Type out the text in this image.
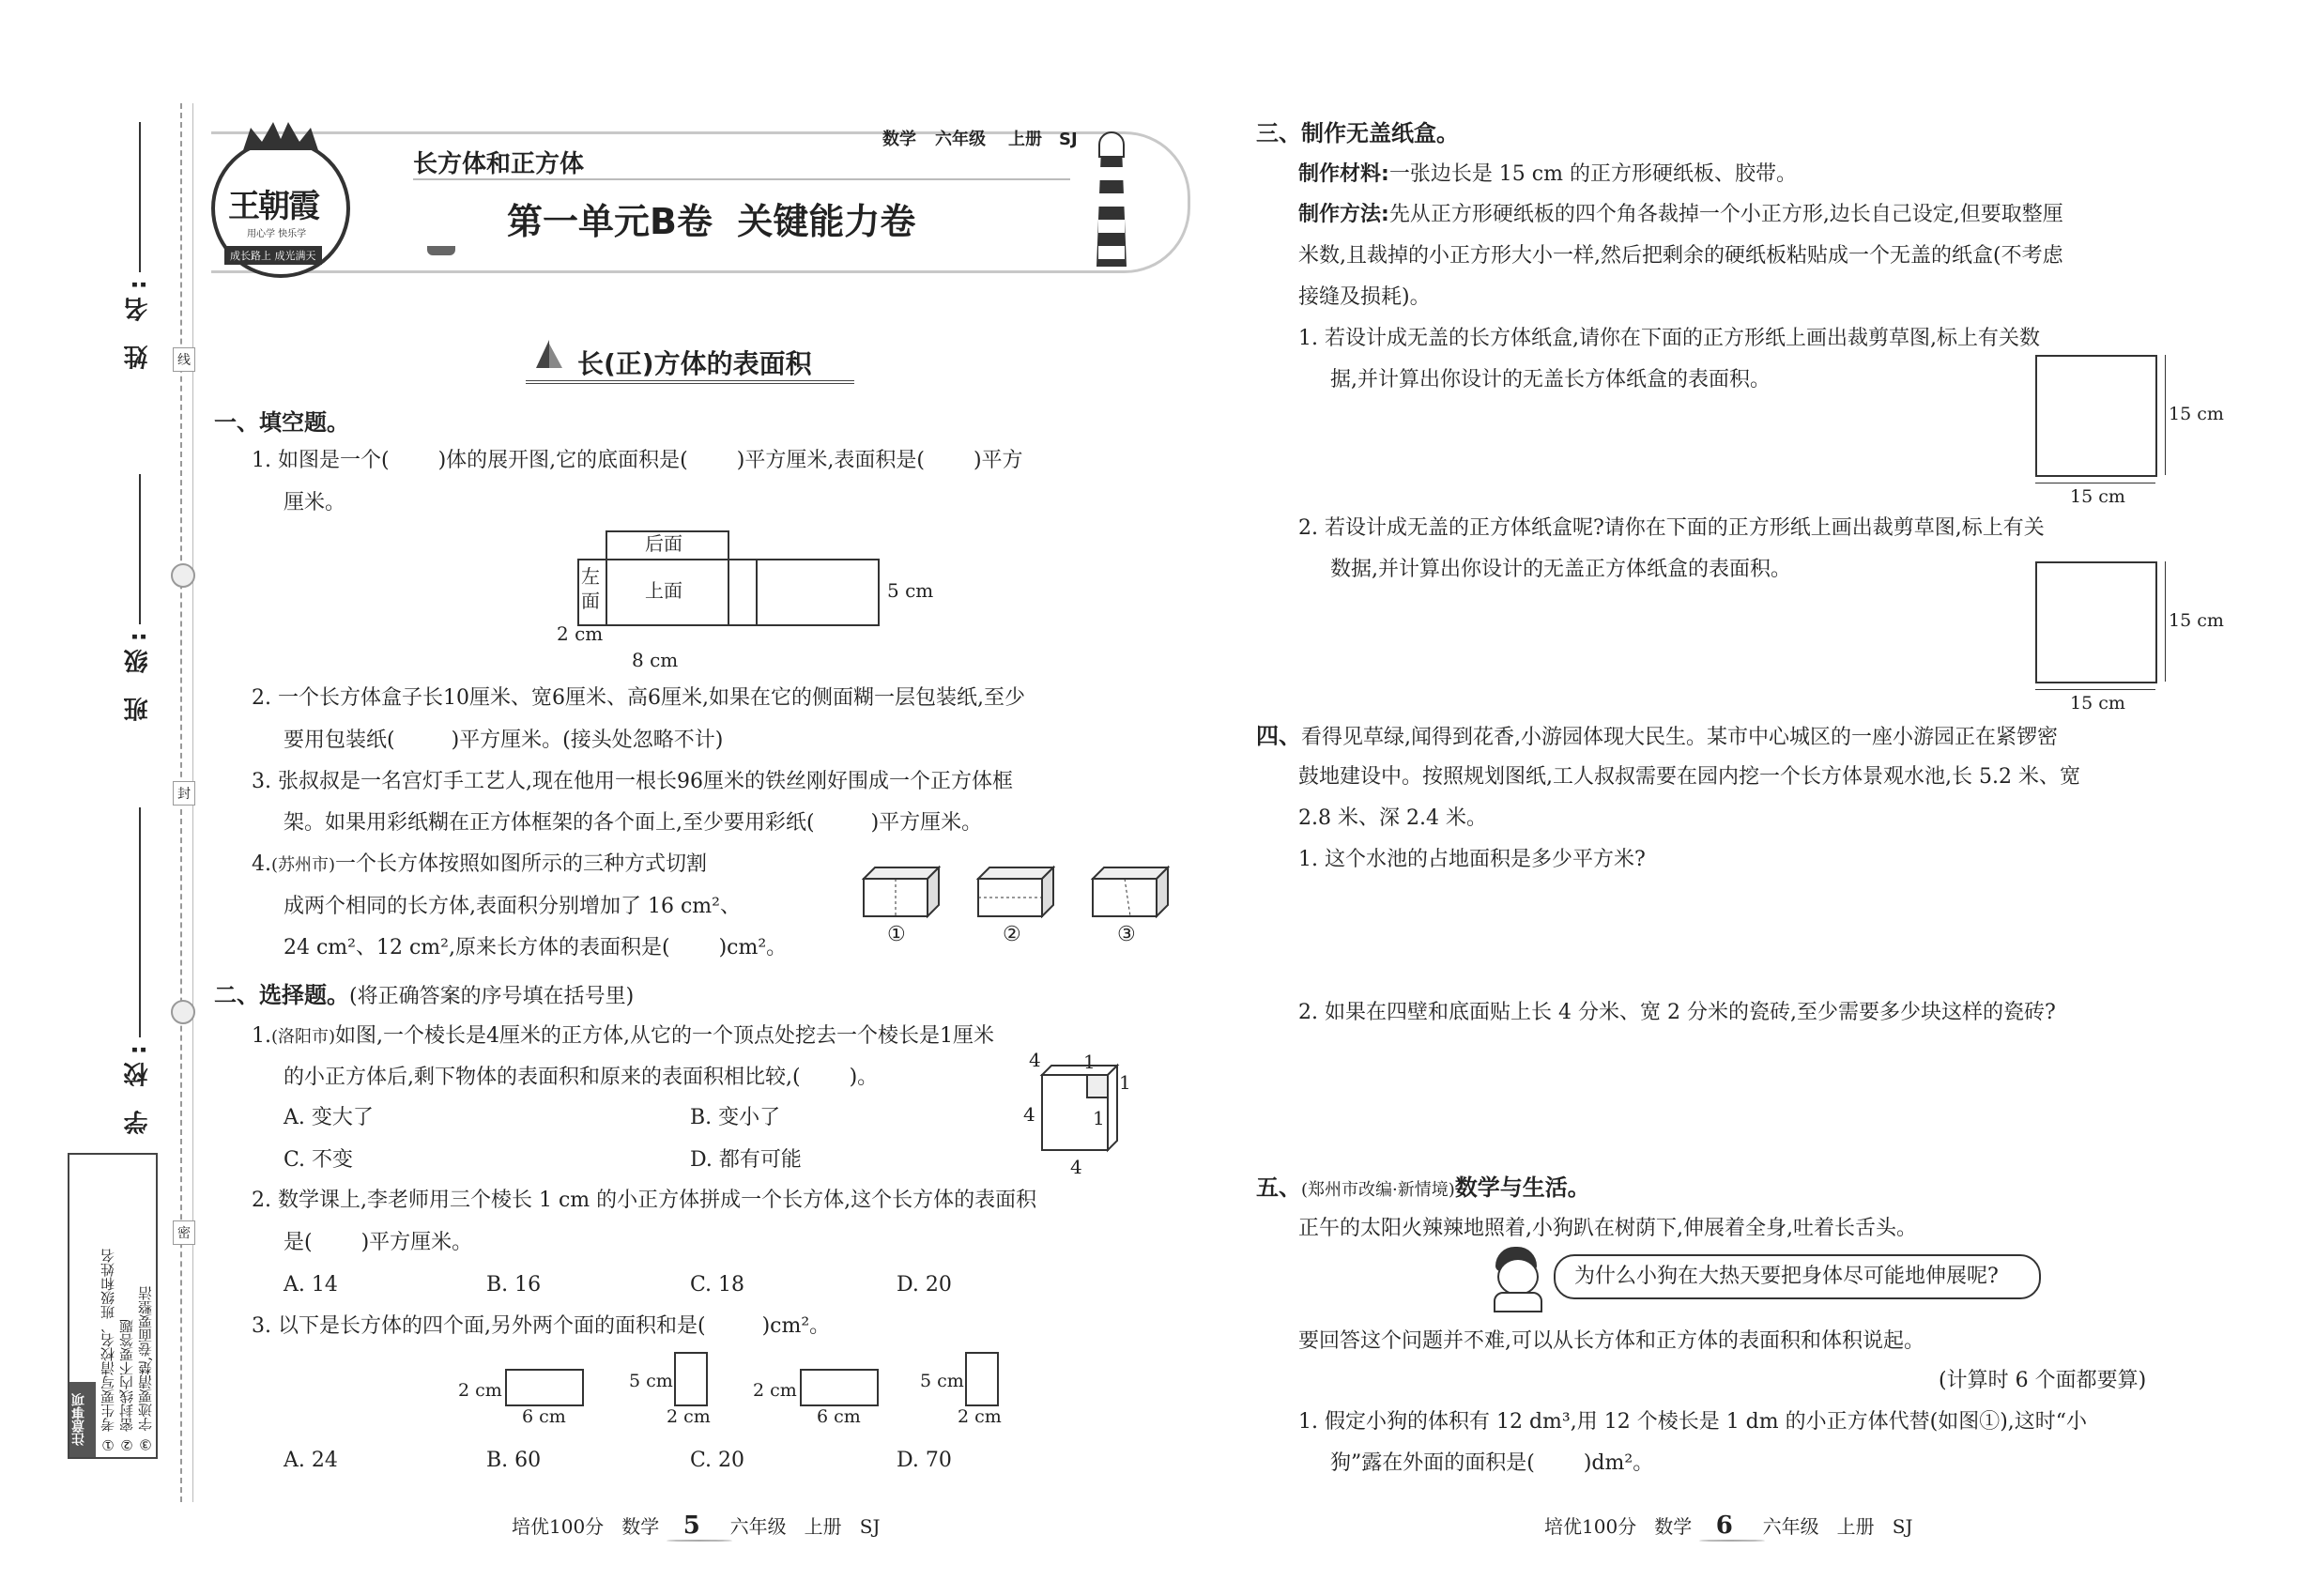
姓 名:
班 级:
学 校:
线
封
密
注意事项 ① 考生要写清校名、班级和姓名 ② 密封线内不要答题 ③ 字迹要清楚,卷面要整洁
王朝霞
用心学 快乐学
成长路上 成光满天
长方体和正方体
数学 六年级 上册 SJ
第一单元B卷  关键能力卷
长(正)方体的表面积
一、填空题。
1. 如图是一个( )体的展开图,它的底面积是( )平方厘米,表面积是( )平方
厘米。
后面
左面 上面	5 cm
2 cm
8 cm
2. 一个长方体盒子长10厘米、宽6厘米、高6厘米,如果在它的侧面糊一层包装纸,至少
要用包装纸(	)平方厘米。(接头处忽略不计)
3. 张叔叔是一名宫灯手工艺人,现在他用一根长96厘米的铁丝刚好围成一个正方体框
架。如果用彩纸糊在正方体框架的各个面上,至少要用彩纸(	)平方厘米。
4.(苏州市)一个长方体按照如图所示的三种方式切割
成两个相同的长方体,表面积分别增加了 16 cm²、
24 cm²、12 cm²,原来长方体的表面积是( )cm²。
①	②	③
二、选择题。(将正确答案的序号填在括号里)
1.(洛阳市)如图,一个棱长是4厘米的正方体,从它的一个顶点处挖去一个棱长是1厘米
的小正方体后,剩下物体的表面积和原来的表面积相比较,( )。
A. 变大了	B. 变小了
C. 不变	D. 都有可能
4 1
4
1
1
4
2. 数学课上,李老师用三个棱长 1 cm 的小正方体拼成一个长方体,这个长方体的表面积
是( )平方厘米。
A. 14	B. 16	C. 18	D. 20
3. 以下是长方体的四个面,另外两个面的面积和是(	)cm²。
2 cm
6 cm
5 cm
2 cm
2 cm
6 cm
5 cm
2 cm
A. 24	B. 60	C. 20	D. 70
三、制作无盖纸盒。
制作材料:一张边长是 15 cm 的正方形硬纸板、胶带。
制作方法:先从正方形硬纸板的四个角各裁掉一个小正方形,边长自己设定,但要取整厘
米数,且裁掉的小正方形大小一样,然后把剩余的硬纸板粘贴成一个无盖的纸盒(不考虑
接缝及损耗)。
1. 若设计成无盖的长方体纸盒,请你在下面的正方形纸上画出裁剪草图,标上有关数
据,并计算出你设计的无盖长方体纸盒的表面积。
15 cm
15 cm
2. 若设计成无盖的正方体纸盒呢?请你在下面的正方形纸上画出裁剪草图,标上有关
数据,并计算出你设计的无盖正方体纸盒的表面积。
15 cm
15 cm
四、看得见草绿,闻得到花香,小游园体现大民生。某市中心城区的一座小游园正在紧锣密
鼓地建设中。按照规划图纸,工人叔叔需要在园内挖一个长方体景观水池,长 5.2 米、宽
2.8 米、深 2.4 米。
1. 这个水池的占地面积是多少平方米?
2. 如果在四壁和底面贴上长 4 分米、宽 2 分米的瓷砖,至少需要多少块这样的瓷砖?
五、(郑州市改编·新情境)数学与生活。
正午的太阳火辣辣地照着,小狗趴在树荫下,伸展着全身,吐着长舌头。
为什么小狗在大热天要把身体尽可能地伸展呢?
要回答这个问题并不难,可以从长方体和正方体的表面积和体积说起。
(计算时 6 个面都要算)
1. 假定小狗的体积有 12 dm³,用 12 个棱长是 1 dm 的小正方体代替(如图①),这时“小
狗”露在外面的面积是( )dm²。
培优100分 数学 5 六年级 上册 SJ	培优100分 数学 6 六年级 上册 SJ
